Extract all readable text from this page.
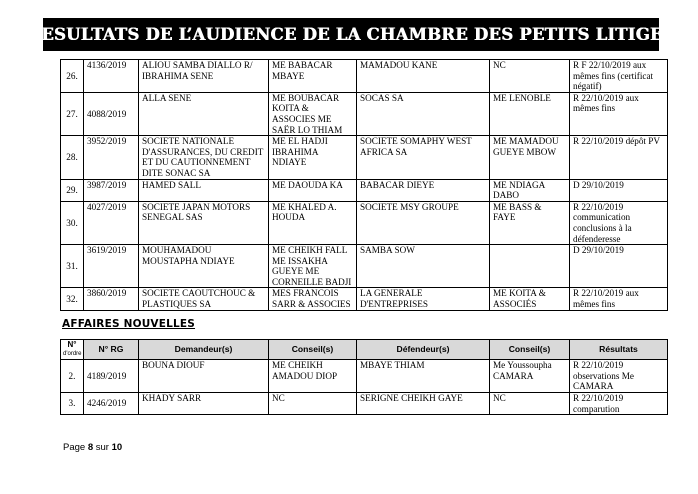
RESULTATS DE L’AUDIENCE DE LA CHAMBRE DES PETITS LITIGES
26.	4136/2019	ALIOU SAMBA DIALLO R/ IBRAHIMA SENE	ME BABACAR MBAYE	MAMADOU KANE	NC	R F 22/10/2019 aux mêmes fins (certificat négatif)
27.	4088/2019	ALLA SENE	ME BOUBACAR KOITA & ASSOCIES ME SAËR LO THIAM	SOCAS SA	ME LENOBLE	R 22/10/2019 aux mêmes fins
28.	3952/2019	SOCIETE NATIONALE D'ASSURANCES, DU CREDIT ET DU CAUTIONNEMENT DITE SONAC SA	ME EL HADJI IBRAHIMA NDIAYE	SOCIETE SOMAPHY WEST AFRICA SA	ME MAMADOU GUEYE MBOW	R 22/10/2019 dépôt PV
29.	3987/2019	HAMED SALL	ME DAOUDA KA	BABACAR DIEYE	ME NDIAGA DABO	D 29/10/2019
30.	4027/2019	SOCIETE JAPAN MOTORS SENEGAL SAS	ME KHALED A. HOUDA	SOCIETE MSY GROUPE	ME BASS & FAYE	R 22/10/2019 communication conclusions à la défenderesse
31.	3619/2019	MOUHAMADOU MOUSTAPHA NDIAYE	ME CHEIKH FALL ME ISSAKHA GUEYE ME CORNEILLE BADJI	SAMBA SOW		D 29/10/2019
32.	3860/2019	SOCIETE CAOUTCHOUC & PLASTIQUES SA	MES FRANCOIS SARR & ASSOCIES	LA GENERALE D'ENTREPRISES	ME KOITA & ASSOCIÉS	R 22/10/2019 aux mêmes fins
AFFAIRES NOUVELLES
N°
d'ordre	N° RG	Demandeur(s)	Conseil(s)	Défendeur(s)	Conseil(s)	Résultats
2.	4189/2019	BOUNA DIOUF	ME CHEIKH AMADOU DIOP	MBAYE THIAM	Me Youssoupha CAMARA	R 22/10/2019 observations Me CAMARA
3.	4246/2019	KHADY SARR	NC	SERIGNE CHEIKH GAYE	NC	R 22/10/2019 comparution
Page 8 sur 10
